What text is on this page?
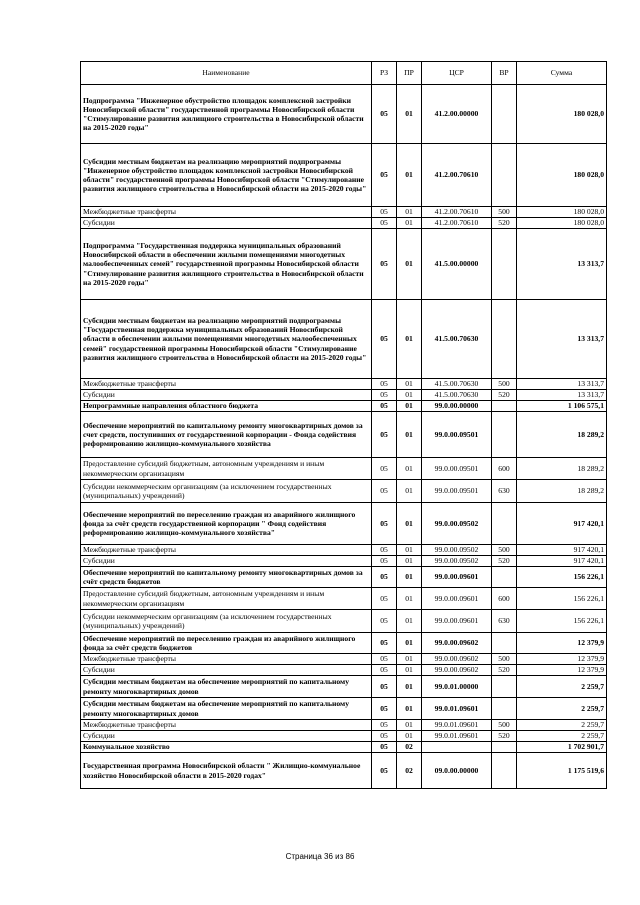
Наименование	РЗ	ПР	ЦСР	ВР	Сумма
Подпрограмма "Инженерное обустройство площадок комплексной застройки Новосибирской области" государственной программы Новосибирской области "Стимулирование развития жилищного строительства в Новосибирской области на 2015-2020 годы"	05	01	41.2.00.00000		180 028,0
Субсидии местным бюджетам на реализацию мероприятий подпрограммы "Инженерное обустройство площадок комплексной застройки Новосибирской области" государственной программы Новосибирской области "Стимулирование развития жилищного строительства в Новосибирской области на 2015-2020 годы"	05	01	41.2.00.70610		180 028,0
Межбюджетные трансферты	05	01	41.2.00.70610	500	180 028,0
Субсидии	05	01	41.2.00.70610	520	180 028,0
Подпрограмма "Государственная поддержка муниципальных образований Новосибирской области в обеспечении жилыми помещениями многодетных малообеспеченных семей" государственной программы Новосибирской области "Стимулирование развития жилищного строительства в Новосибирской области на 2015-2020 годы"	05	01	41.5.00.00000		13 313,7
Субсидии местным бюджетам на реализацию мероприятий подпрограммы "Государственная поддержка муниципальных образований Новосибирской области в обеспечении жилыми помещениями многодетных малообеспеченных семей" государственной программы Новосибирской области "Стимулирование развития жилищного строительства в Новосибирской области на 2015-2020 годы"	05	01	41.5.00.70630		13 313,7
Межбюджетные трансферты	05	01	41.5.00.70630	500	13 313,7
Субсидии	05	01	41.5.00.70630	520	13 313,7
Непрограммные направления областного бюджета	05	01	99.0.00.00000		1 106 575,1
Обеспечение мероприятий по капитальному ремонту многоквартирных домов за счет средств, поступивших от государственной корпорации - Фонда содействия реформированию жилищно-коммунального хозяйства	05	01	99.0.00.09501		18 289,2
Предоставление субсидий бюджетным, автономным учреждениям и иным некоммерческим организациям	05	01	99.0.00.09501	600	18 289,2
Субсидии некоммерческим организациям (за исключением государственных (муниципальных) учреждений)	05	01	99.0.00.09501	630	18 289,2
Обеспечение мероприятий по переселению граждан из аварийного жилищного фонда за счёт средств государственной корпорации " Фонд содействия реформированию жилищно-коммунального хозяйства"	05	01	99.0.00.09502		917 420,1
Межбюджетные трансферты	05	01	99.0.00.09502	500	917 420,1
Субсидии	05	01	99.0.00.09502	520	917 420,1
Обеспечение мероприятий по капитальному ремонту многоквартирных домов за счёт средств бюджетов	05	01	99.0.00.09601		156 226,1
Предоставление субсидий бюджетным, автономным учреждениям и иным некоммерческим организациям	05	01	99.0.00.09601	600	156 226,1
Субсидии некоммерческим организациям (за исключением государственных (муниципальных) учреждений)	05	01	99.0.00.09601	630	156 226,1
Обеспечение мероприятий по переселению граждан из аварийного жилищного фонда за счёт средств бюджетов	05	01	99.0.00.09602		12 379,9
Межбюджетные трансферты	05	01	99.0.00.09602	500	12 379,9
Субсидии	05	01	99.0.00.09602	520	12 379,9
Субсидии местным бюджетам на обеспечение мероприятий по капитальному ремонту многоквартирных домов	05	01	99.0.01.00000		2 259,7
Субсидии местным бюджетам на обеспечение мероприятий по капитальному ремонту многоквартирных домов	05	01	99.0.01.09601		2 259,7
Межбюджетные трансферты	05	01	99.0.01.09601	500	2 259,7
Субсидии	05	01	99.0.01.09601	520	2 259,7
Коммунальное хозяйство	05	02			1 702 901,7
Государственная программа Новосибирской области " Жилищно-коммунальное хозяйство Новосибирской области в 2015-2020 годах"	05	02	09.0.00.00000		1 175 519,6
Страница 36 из 86
